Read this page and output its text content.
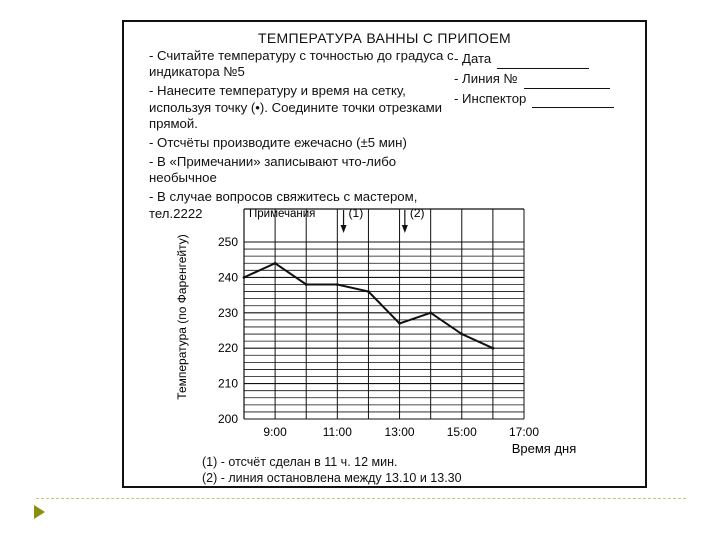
ТЕМПЕРАТУРА ВАННЫ С ПРИПОЕМ

- Считайте температуру с точностью до градуса с индикатора №5

- Нанесите температуру и время на сетку, используя точку (•). Соедините точки отрезками прямой.

- Отсчёты производите ежечасно (±5 мин)

- В «Примечании» записывают что-либо необычное

- В случае вопросов свяжитесь с мастером, тел.2222

- Дата
- Линия №
- Инспектор
Температура (по Фаренгейту)
Время дня
Примечания
200
210
220
230
240
250
9:00	11:00	13:00	15:00	17:00
(1)	(2)
(1) - отсчёт сделан в 11 ч. 12 мин.
(2) - линия остановлена между 13.10 и 13.30
